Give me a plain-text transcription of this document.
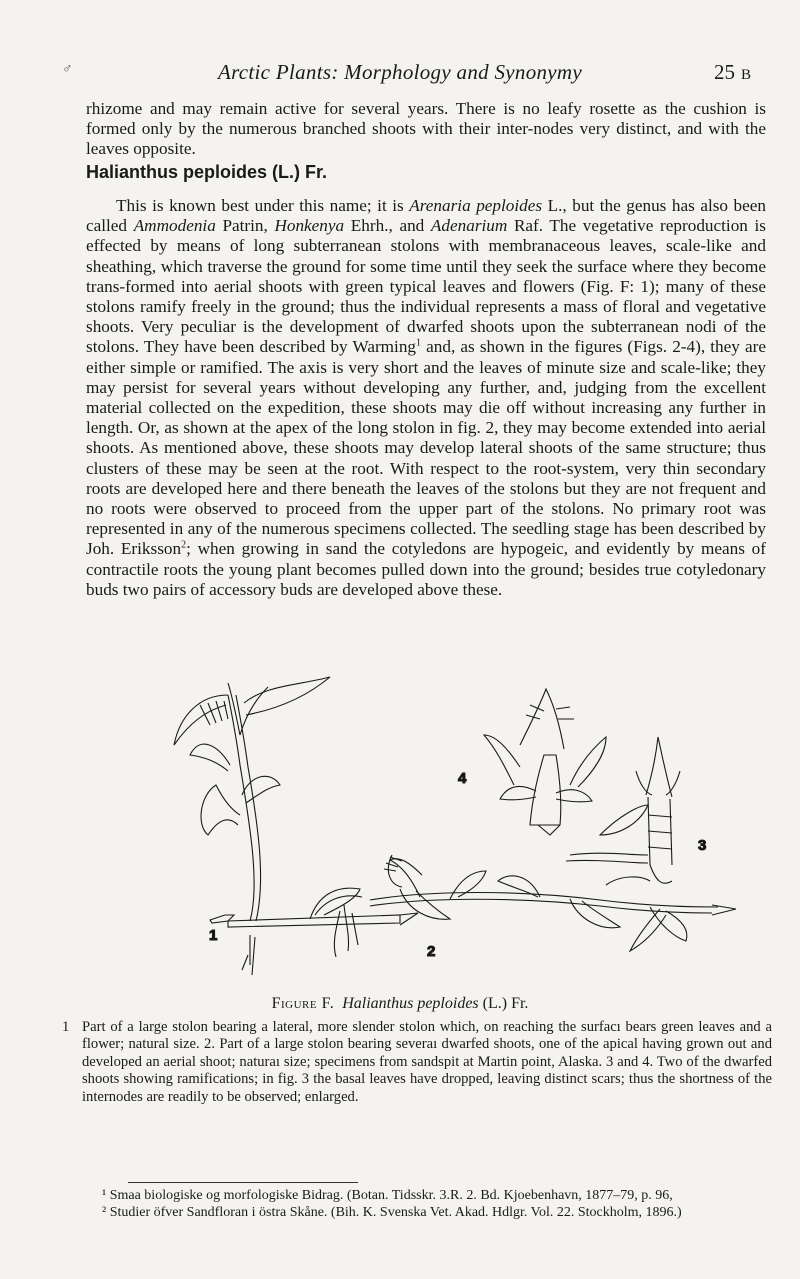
♂	Arctic Plants: Morphology and Synonymy	25 B
rhizome and may remain active for several years. There is no leafy rosette as the cushion is formed only by the numerous branched shoots with their inter-nodes very distinct, and with the leaves opposite.
Halianthus peploides (L.) Fr.
This is known best under this name; it is Arenaria peploides L., but the genus has also been called Ammodenia Patrin, Honkenya Ehrh., and Adenarium Raf. The vegetative reproduction is effected by means of long subterranean stolons with membranaceous leaves, scale-like and sheathing, which traverse the ground for some time until they seek the surface where they become trans-formed into aerial shoots with green typical leaves and flowers (Fig. F: 1); many of these stolons ramify freely in the ground; thus the individual represents a mass of floral and vegetative shoots. Very peculiar is the development of dwarfed shoots upon the subterranean nodi of the stolons. They have been described by Warming$^1$ and, as shown in the figures (Figs. 2-4), they are either simple or ramified. The axis is very short and the leaves of minute size and scale-like; they may persist for several years without developing any further, and, judging from the excellent material collected on the expedition, these shoots may die off without increasing any further in length. Or, as shown at the apex of the long stolon in fig. 2, they may become extended into aerial shoots. As mentioned above, these shoots may develop lateral shoots of the same structure; thus clusters of these may be seen at the root. With respect to the root-system, very thin secondary roots are developed here and there beneath the leaves of the stolons but they are not frequent and no roots were observed to proceed from the upper part of the stolons. No primary root was represented in any of the numerous specimens collected. The seedling stage has been described by Joh. Eriksson$^2$; when growing in sand the cotyledons are hypogeic, and evidently by means of contractile roots the young plant becomes pulled down into the ground; besides true cotyledonary buds two pairs of accessory buds are developed above these.
1
2
3
4
Figure F. Halianthus peploides (L.) Fr.
1 Part of a large stolon bearing a lateral, more slender stolon which, on reaching the surfacı bears green leaves and a flower; natural size. 2. Part of a large stolon bearing severaı dwarfed shoots, one of the apical having grown out and developed an aerial shoot; naturaı size; specimens from sandspit at Martin point, Alaska. 3 and 4. Two of the dwarfed shoots showing ramifications; in fig. 3 the basal leaves have dropped, leaving distinct scars; thus the shortness of the internodes are readily to be observed; enlarged.
¹ Smaa biologiske og morfologiske Bidrag. (Botan. Tidsskr. 3.R. 2. Bd. Kjoebenhavn, 1877–79, p. 96,
² Studier öfver Sandfloran i östra Skåne. (Bih. K. Svenska Vet. Akad. Hdlgr. Vol. 22. Stockholm, 1896.)
